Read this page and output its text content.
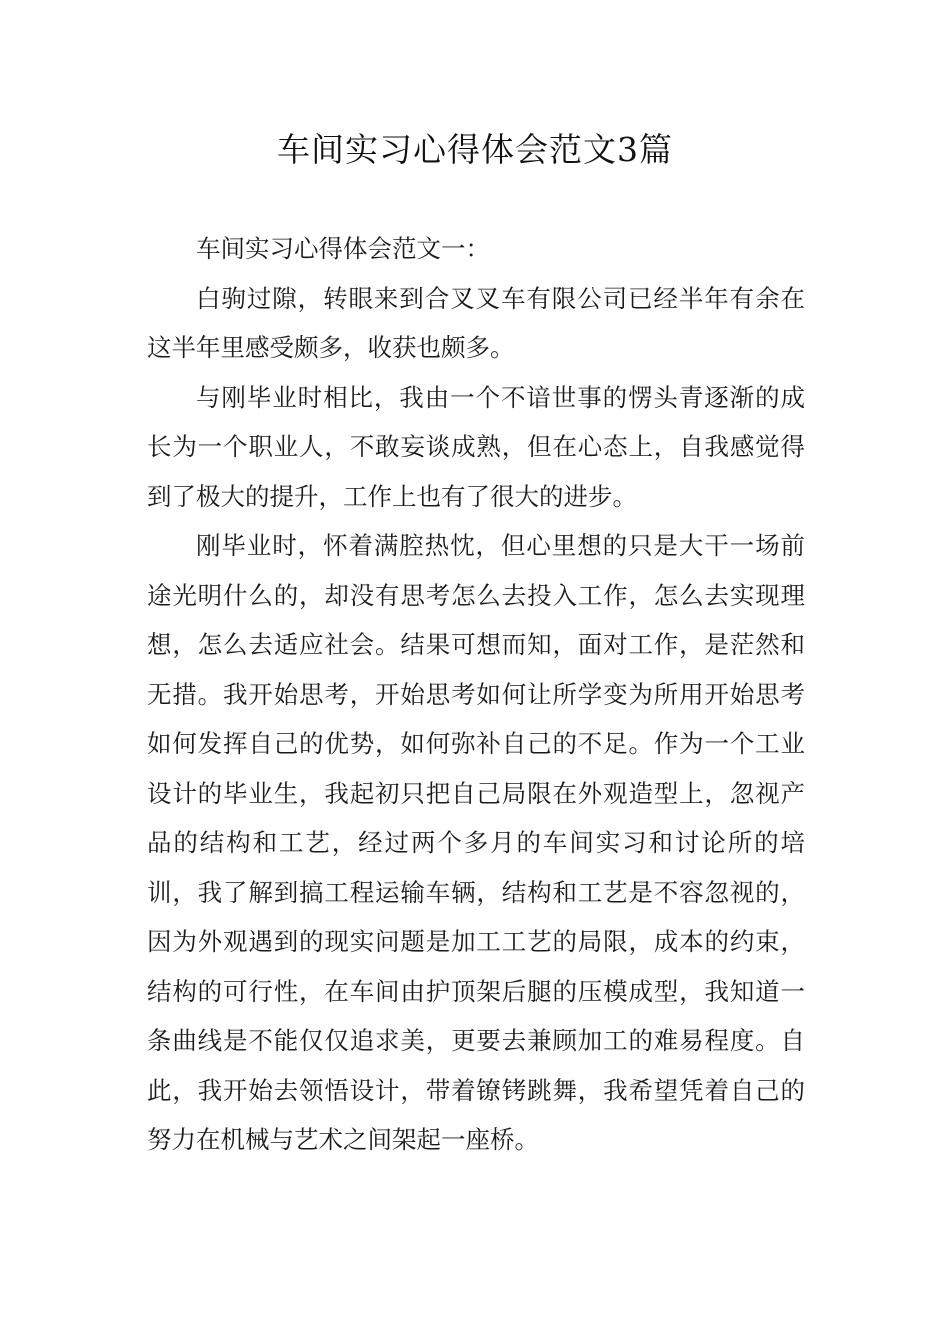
车间实习心得体会范文3篇

车间实习心得体会范文一：

白驹过隙，转眼来到合叉叉车有限公司已经半年有余在这半年里感受颇多，收获也颇多。

与刚毕业时相比，我由一个不谙世事的愣头青逐渐的成长为一个职业人，不敢妄谈成熟，但在心态上，自我感觉得到了极大的提升，工作上也有了很大的进步。

刚毕业时，怀着满腔热忱，但心里想的只是大干一场前途光明什么的，却没有思考怎么去投入工作，怎么去实现理想，怎么去适应社会。结果可想而知，面对工作，是茫然和无措。我开始思考，开始思考如何让所学变为所用开始思考如何发挥自己的优势，如何弥补自己的不足。作为一个工业设计的毕业生，我起初只把自己局限在外观造型上，忽视产品的结构和工艺，经过两个多月的车间实习和讨论所的培训，我了解到搞工程运输车辆，结构和工艺是不容忽视的，因为外观遇到的现实问题是加工工艺的局限，成本的约束，结构的可行性，在车间由护顶架后腿的压模成型，我知道一条曲线是不能仅仅追求美，更要去兼顾加工的难易程度。自此，我开始去领悟设计，带着镣铐跳舞，我希望凭着自己的努力在机械与艺术之间架起一座桥。
